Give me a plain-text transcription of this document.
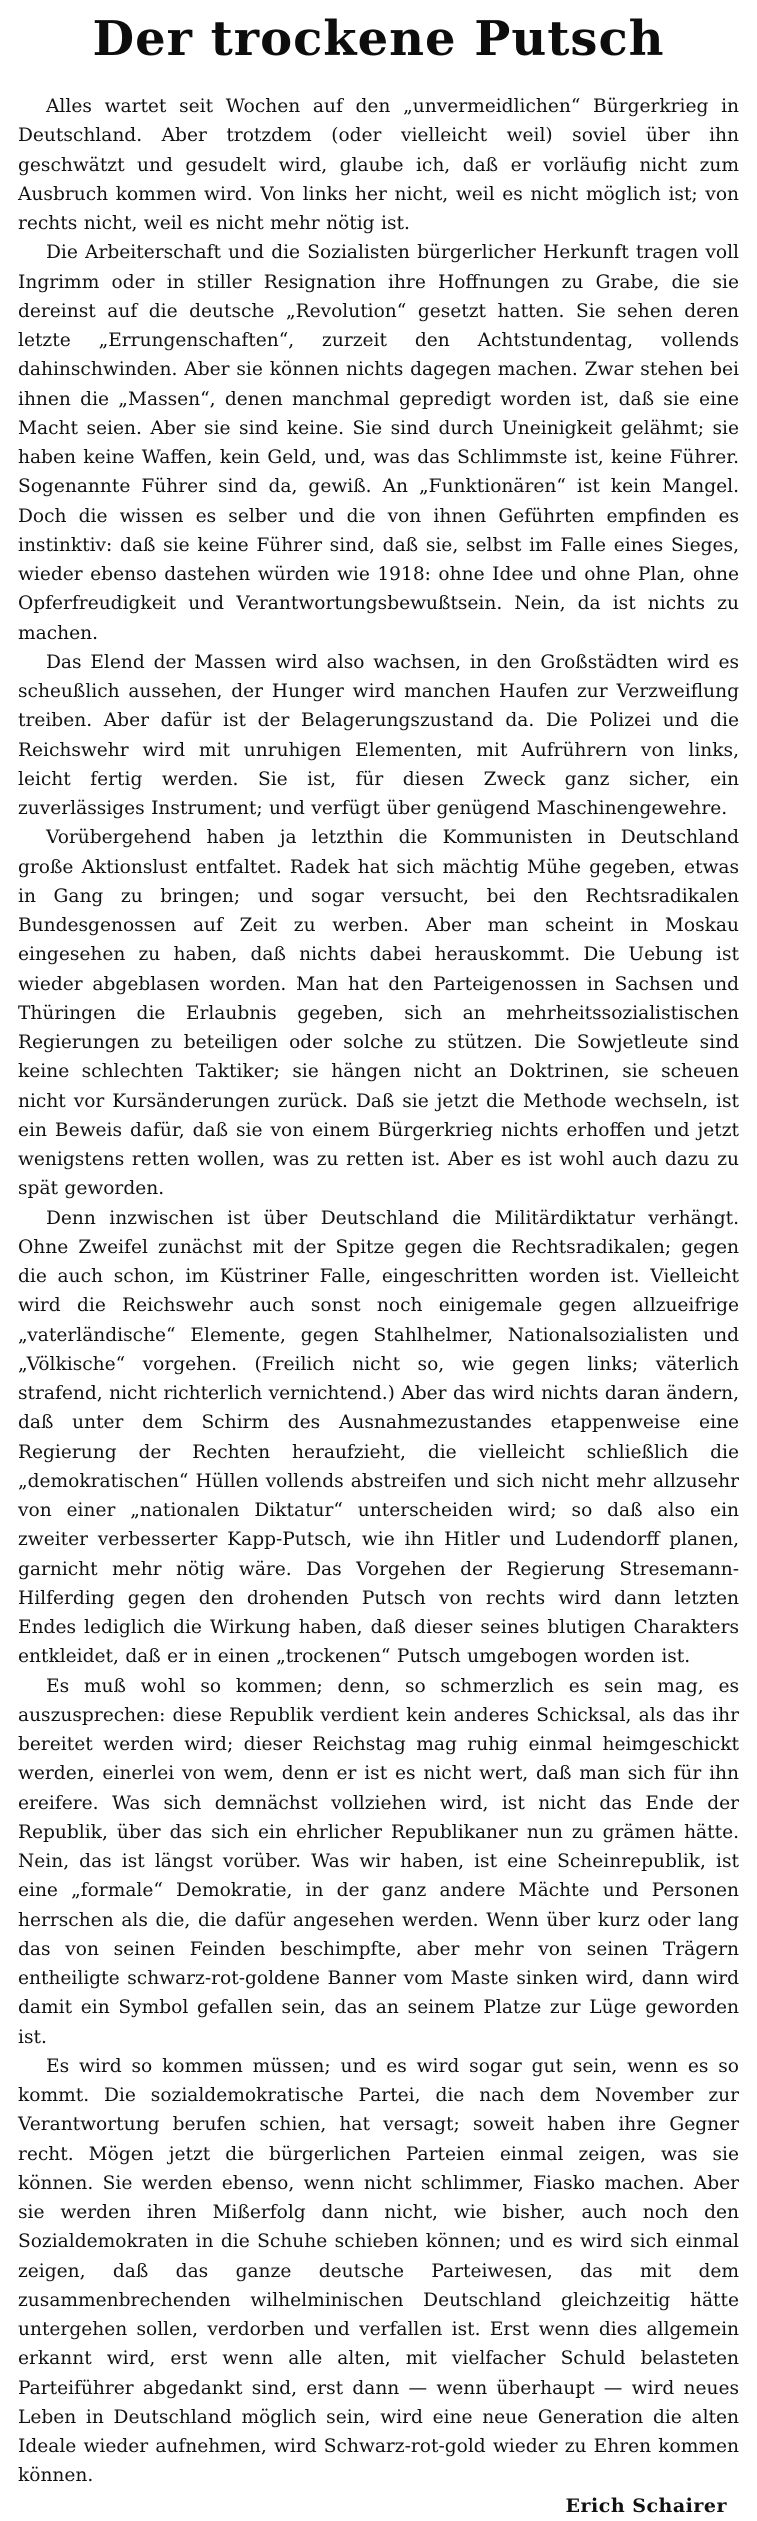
Der trockene Putsch

Alles wartet seit Wochen auf den „unvermeidlichen“ Bürgerkrieg in Deutschland. Aber trotzdem (oder vielleicht weil) soviel über ihn geschwätzt und gesudelt wird, glaube ich, daß er vorläufig nicht zum Ausbruch kommen wird. Von links her nicht, weil es nicht möglich ist; von rechts nicht, weil es nicht mehr nötig ist.

Die Arbeiterschaft und die Sozialisten bürgerlicher Herkunft tragen voll Ingrimm oder in stiller Resignation ihre Hoffnungen zu Grabe, die sie dereinst auf die deutsche „Revolution“ gesetzt hatten. Sie sehen deren letzte „Errungenschaften“, zurzeit den Achtstundentag, vollends dahinschwinden. Aber sie können nichts dagegen machen. Zwar stehen bei ihnen die „Massen“, denen manchmal gepredigt worden ist, daß sie eine Macht seien. Aber sie sind keine. Sie sind durch Uneinigkeit gelähmt; sie haben keine Waffen, kein Geld, und, was das Schlimmste ist, keine Führer. Sogenannte Führer sind da, gewiß. An „Funktionären“ ist kein Mangel. Doch die wissen es selber und die von ihnen Geführten empfinden es instinktiv: daß sie keine Führer sind, daß sie, selbst im Falle eines Sieges, wieder ebenso dastehen würden wie 1918: ohne Idee und ohne Plan, ohne Opferfreudigkeit und Verantwortungsbewußtsein. Nein, da ist nichts zu machen.

Das Elend der Massen wird also wachsen, in den Großstädten wird es scheußlich aussehen, der Hunger wird manchen Haufen zur Verzweiflung treiben. Aber dafür ist der Belagerungszustand da. Die Polizei und die Reichswehr wird mit unruhigen Elementen, mit Aufrührern von links, leicht fertig werden. Sie ist, für diesen Zweck ganz sicher, ein zuverlässiges Instrument; und verfügt über genügend Maschinengewehre.

Vorübergehend haben ja letzthin die Kommunisten in Deutschland große Aktionslust entfaltet. Radek hat sich mächtig Mühe gegeben, etwas in Gang zu bringen; und sogar versucht, bei den Rechtsradikalen Bundesgenossen auf Zeit zu werben. Aber man scheint in Moskau eingesehen zu haben, daß nichts dabei herauskommt. Die Uebung ist wieder abgeblasen worden. Man hat den Parteigenossen in Sachsen und Thüringen die Erlaubnis gegeben, sich an mehrheitssozialistischen Regierungen zu beteiligen oder solche zu stützen. Die Sowjetleute sind keine schlechten Taktiker; sie hängen nicht an Doktrinen, sie scheuen nicht vor Kursänderungen zurück. Daß sie jetzt die Methode wechseln, ist ein Beweis dafür, daß sie von einem Bürgerkrieg nichts erhoffen und jetzt wenigstens retten wollen, was zu retten ist. Aber es ist wohl auch dazu zu spät geworden.

Denn inzwischen ist über Deutschland die Militärdiktatur verhängt. Ohne Zweifel zunächst mit der Spitze gegen die Rechtsradikalen; gegen die auch schon, im Küstriner Falle, eingeschritten worden ist. Vielleicht wird die Reichswehr auch sonst noch einigemale gegen allzueifrige „vaterländische“ Elemente, gegen Stahlhelmer, Nationalsozialisten und „Völkische“ vorgehen. (Freilich nicht so, wie gegen links; väterlich strafend, nicht richterlich vernichtend.) Aber das wird nichts daran ändern, daß unter dem Schirm des Ausnahmezustandes etappenweise eine Regierung der Rechten heraufzieht, die vielleicht schließlich die „demokratischen“ Hüllen vollends abstreifen und sich nicht mehr allzusehr von einer „nationalen Diktatur“ unterscheiden wird; so daß also ein zweiter verbesserter Kapp-Putsch, wie ihn Hitler und Ludendorff planen, garnicht mehr nötig wäre. Das Vorgehen der Regierung Stresemann-Hilferding gegen den drohenden Putsch von rechts wird dann letzten Endes lediglich die Wirkung haben, daß dieser seines blutigen Charakters entkleidet, daß er in einen „trockenen“ Putsch umgebogen worden ist.

Es muß wohl so kommen; denn, so schmerzlich es sein mag, es auszusprechen: diese Republik verdient kein anderes Schicksal, als das ihr bereitet werden wird; dieser Reichstag mag ruhig einmal heimgeschickt werden, einerlei von wem, denn er ist es nicht wert, daß man sich für ihn ereifere. Was sich demnächst vollziehen wird, ist nicht das Ende der Republik, über das sich ein ehrlicher Republikaner nun zu grämen hätte. Nein, das ist längst vorüber. Was wir haben, ist eine Scheinrepublik, ist eine „formale“ Demokratie, in der ganz andere Mächte und Personen herrschen als die, die dafür angesehen werden. Wenn über kurz oder lang das von seinen Feinden beschimpfte, aber mehr von seinen Trägern entheiligte schwarz-rot-goldene Banner vom Maste sinken wird, dann wird damit ein Symbol gefallen sein, das an seinem Platze zur Lüge geworden ist.

Es wird so kommen müssen; und es wird sogar gut sein, wenn es so kommt. Die sozialdemokratische Partei, die nach dem November zur Verantwortung berufen schien, hat versagt; soweit haben ihre Gegner recht. Mögen jetzt die bürgerlichen Parteien einmal zeigen, was sie können. Sie werden ebenso, wenn nicht schlimmer, Fiasko machen. Aber sie werden ihren Mißerfolg dann nicht, wie bisher, auch noch den Sozialdemokraten in die Schuhe schieben können; und es wird sich einmal zeigen, daß das ganze deutsche Parteiwesen, das mit dem zusammenbrechenden wilhelminischen Deutschland gleichzeitig hätte untergehen sollen, verdorben und verfallen ist. Erst wenn dies allgemein erkannt wird, erst wenn alle alten, mit vielfacher Schuld belasteten Parteiführer abgedankt sind, erst dann — wenn überhaupt — wird neues Leben in Deutschland möglich sein, wird eine neue Generation die alten Ideale wieder aufnehmen, wird Schwarz-rot-gold wieder zu Ehren kommen können.

Erich Schairer
